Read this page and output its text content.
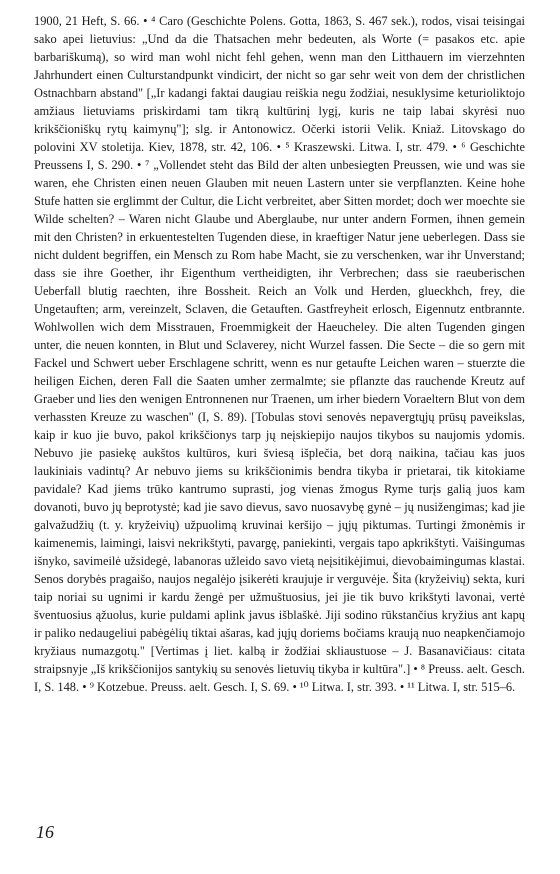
1900, 21 Heft, S. 66. • ⁴ Caro (Geschichte Polens. Gotta, 1863, S. 467 sek.), rodos, visai teisingai sako apei lietuvius: „Und da die Thatsachen mehr bedeuten, als Worte (= pasakos etc. apie barbariškumą), so wird man wohl nicht fehl gehen, wenn man den Litthauern im vierzehnten Jahrhundert einen Culturstandpunkt vindicirt, der nicht so gar sehr weit von dem der christlichen Ostnachbarn abstand" [„Ir kadangi faktai daugiau reiškia negu žodžiai, nesuklysime keturioliktojo amžiaus lietuviams priskirdami tam tikrą kultūrinį lygį, kuris ne taip labai skyrėsi nuo krikščioniškų rytų kaimynų"]; slg. ir Antonowicz. Očerki istorii Velik. Kniaž. Litovskago do polovini XV stoletija. Kiev, 1878, str. 42, 106. • ⁵ Kraszewski. Litwa. I, str. 479. • ⁶ Geschichte Preussens I, S. 290. • ⁷ „Vollendet steht das Bild der alten unbesiegten Preussen, wie und was sie waren, ehe Christen einen neuen Glauben mit neuen Lastern unter sie verpflanzten. Keine hohe Stufe hatten sie erglimmt der Cultur, die Licht verbreitet, aber Sitten mordet; doch wer moechte sie Wilde schelten? – Waren nicht Glaube und Aberglaube, nur unter andern Formen, ihnen gemein mit den Christen? in erkuentestelten Tugenden diese, in kraeftiger Natur jene ueberlegen. Dass sie nicht duldent begriffen, ein Mensch zu Rom habe Macht, sie zu verschenken, war ihr Unverstand; dass sie ihre Goether, ihr Eigenthum vertheidigten, ihr Verbrechen; dass sie raeuberischen Ueberfall blutig raechten, ihre Bossheit. Reich an Volk und Herden, glueckhch, frey, die Ungetauften; arm, vereinzelt, Sclaven, die Getauften. Gastfreyheit erlosch, Eigennutz entbrannte. Wohlwollen wich dem Misstrauen, Froemmigkeit der Haeucheley. Die alten Tugenden gingen unter, die neuen konnten, in Blut und Sclaverey, nicht Wurzel fassen. Die Secte – die so gern mit Fackel und Schwert ueber Erschlagene schritt, wenn es nur getaufte Leichen waren – stuerzte die heiligen Eichen, deren Fall die Saaten umher zermalmte; sie pflanzte das rauchende Kreutz auf Graeber und lies den wenigen Entronnenen nur Traenen, um irher biedern Voraeltern Blut von dem verhassten Kreuze zu waschen" (I, S. 89). [Tobulas stovi senovės nepavergtųjų prūsų paveikslas, kaip ir kuo jie buvo, pakol krikščionys tarp jų neįskiepijo naujos tikybos su naujomis ydomis. Nebuvo jie pasiekę aukštos kultūros, kuri šviesą išplečia, bet dorą naikina, tačiau kas juos laukiniais vadintų? Ar nebuvo jiems su krikščionimis bendra tikyba ir prietarai, tik kitokiame pavidale? Kad jiems trūko kantrumo suprasti, jog vienas žmogus Ryme turįs galią juos kam dovanoti, buvo jų beprotystė; kad jie savo dievus, savo nuosavybę gynė – jų nusižengimas; kad jie galvažudžių (t. y. kryžeivių) užpuolimą kruvinai keršijo – jųjų piktumas. Turtingi žmonėmis ir kaimenemis, laimingi, laisvi nekrikštyti, pavargę, paniekinti, vergais tapo apkrikštyti. Vaišingumas išnyko, savimeilė užsidegė, labanoras užleido savo vietą neįsitikėjimui, dievobaimingumas klastai. Senos dorybės pragaišo, naujos negalėjo įsikerėti kraujuje ir verguvėje. Šita (kryžeivių) sekta, kuri taip noriai su ugnimi ir kardu žengė per užmuštuosius, jei jie tik buvo krikštyti lavonai, vertė šventuosius ąžuolus, kurie puldami aplink javus išblaškė. Jiji sodino rūkstančius kryžius ant kapų ir paliko nedaugeliui pabėgėlių tiktai ašaras, kad jųjų doriems bočiams kraują nuo neapkenčiamojo kryžiaus numazgotų." [Vertimas į liet. kalbą ir žodžiai skliaustuose – J. Basanavičiaus: citata straipsnyje „Iš krikščionijos santykių su senovės lietuvių tikyba ir kultūra".] • ⁸ Preuss. aelt. Gesch. I, S. 148. • ⁹ Kotzebue. Preuss. aelt. Gesch. I, S. 69. • ¹⁰ Litwa. I, str. 393. • ¹¹ Litwa. I, str. 515–6.

16
